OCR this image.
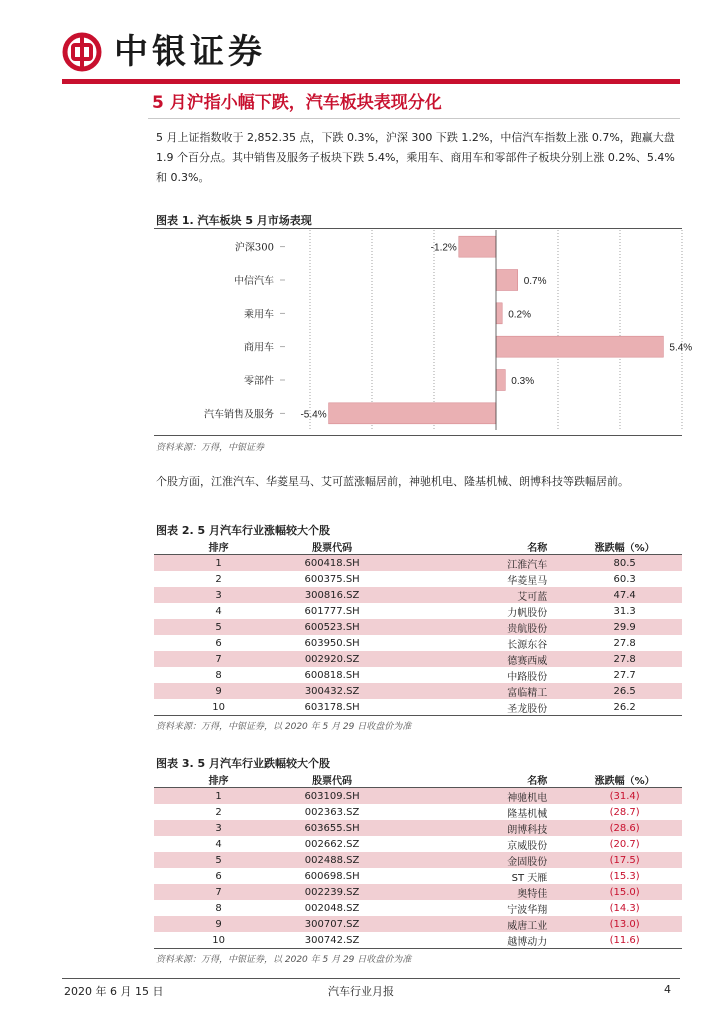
中银证券
5 月沪指小幅下跌，汽车板块表现分化

5 月上证指数收于 2,852.35 点，下跌 0.3%，沪深 300 下跌 1.2%，中信汽车指数上涨 0.7%，跑赢大盘 1.9 个百分点。其中销售及服务子板块下跌 5.4%，乘用车、商用车和零部件子板块分别上涨 0.2%、5.4%和 0.3%。

图表 1. 汽车板块 5 月市场表现
沪深300	-1.2%
中信汽车	0.7%
乘用车	0.2%
商用车	5.4%
零部件	0.3%
汽车销售及服务	-5.4%
资料来源：万得，中银证券

个股方面，江淮汽车、华菱星马、艾可蓝涨幅居前，神驰机电、隆基机械、朗博科技等跌幅居前。

图表 2. 5 月汽车行业涨幅较大个股
排序	股票代码	名称	涨跌幅（%）
1	600418.SH	江淮汽车	80.5
2	600375.SH	华菱星马	60.3
3	300816.SZ	艾可蓝	47.4
4	601777.SH	力帆股份	31.3
5	600523.SH	贵航股份	29.9
6	603950.SH	长源东谷	27.8
7	002920.SZ	德赛西威	27.8
8	600818.SH	中路股份	27.7
9	300432.SZ	富临精工	26.5
10	603178.SH	圣龙股份	26.2
资料来源：万得，中银证券，以 2020 年 5 月 29 日收盘价为准
图表 3. 5 月汽车行业跌幅较大个股
排序	股票代码	名称	涨跌幅（%）
1	603109.SH	神驰机电	(31.4)
2	002363.SZ	隆基机械	(28.7)
3	603655.SH	朗博科技	(28.6)
4	002662.SZ	京威股份	(20.7)
5	002488.SZ	金固股份	(17.5)
6	600698.SH	ST 天雁	(15.3)
7	002239.SZ	奥特佳	(15.0)
8	002048.SZ	宁波华翔	(14.3)
9	300707.SZ	威唐工业	(13.0)
10	300742.SZ	越博动力	(11.6)
资料来源：万得，中银证券，以 2020 年 5 月 29 日收盘价为准
2020 年 6 月 15 日	汽车行业月报	4
